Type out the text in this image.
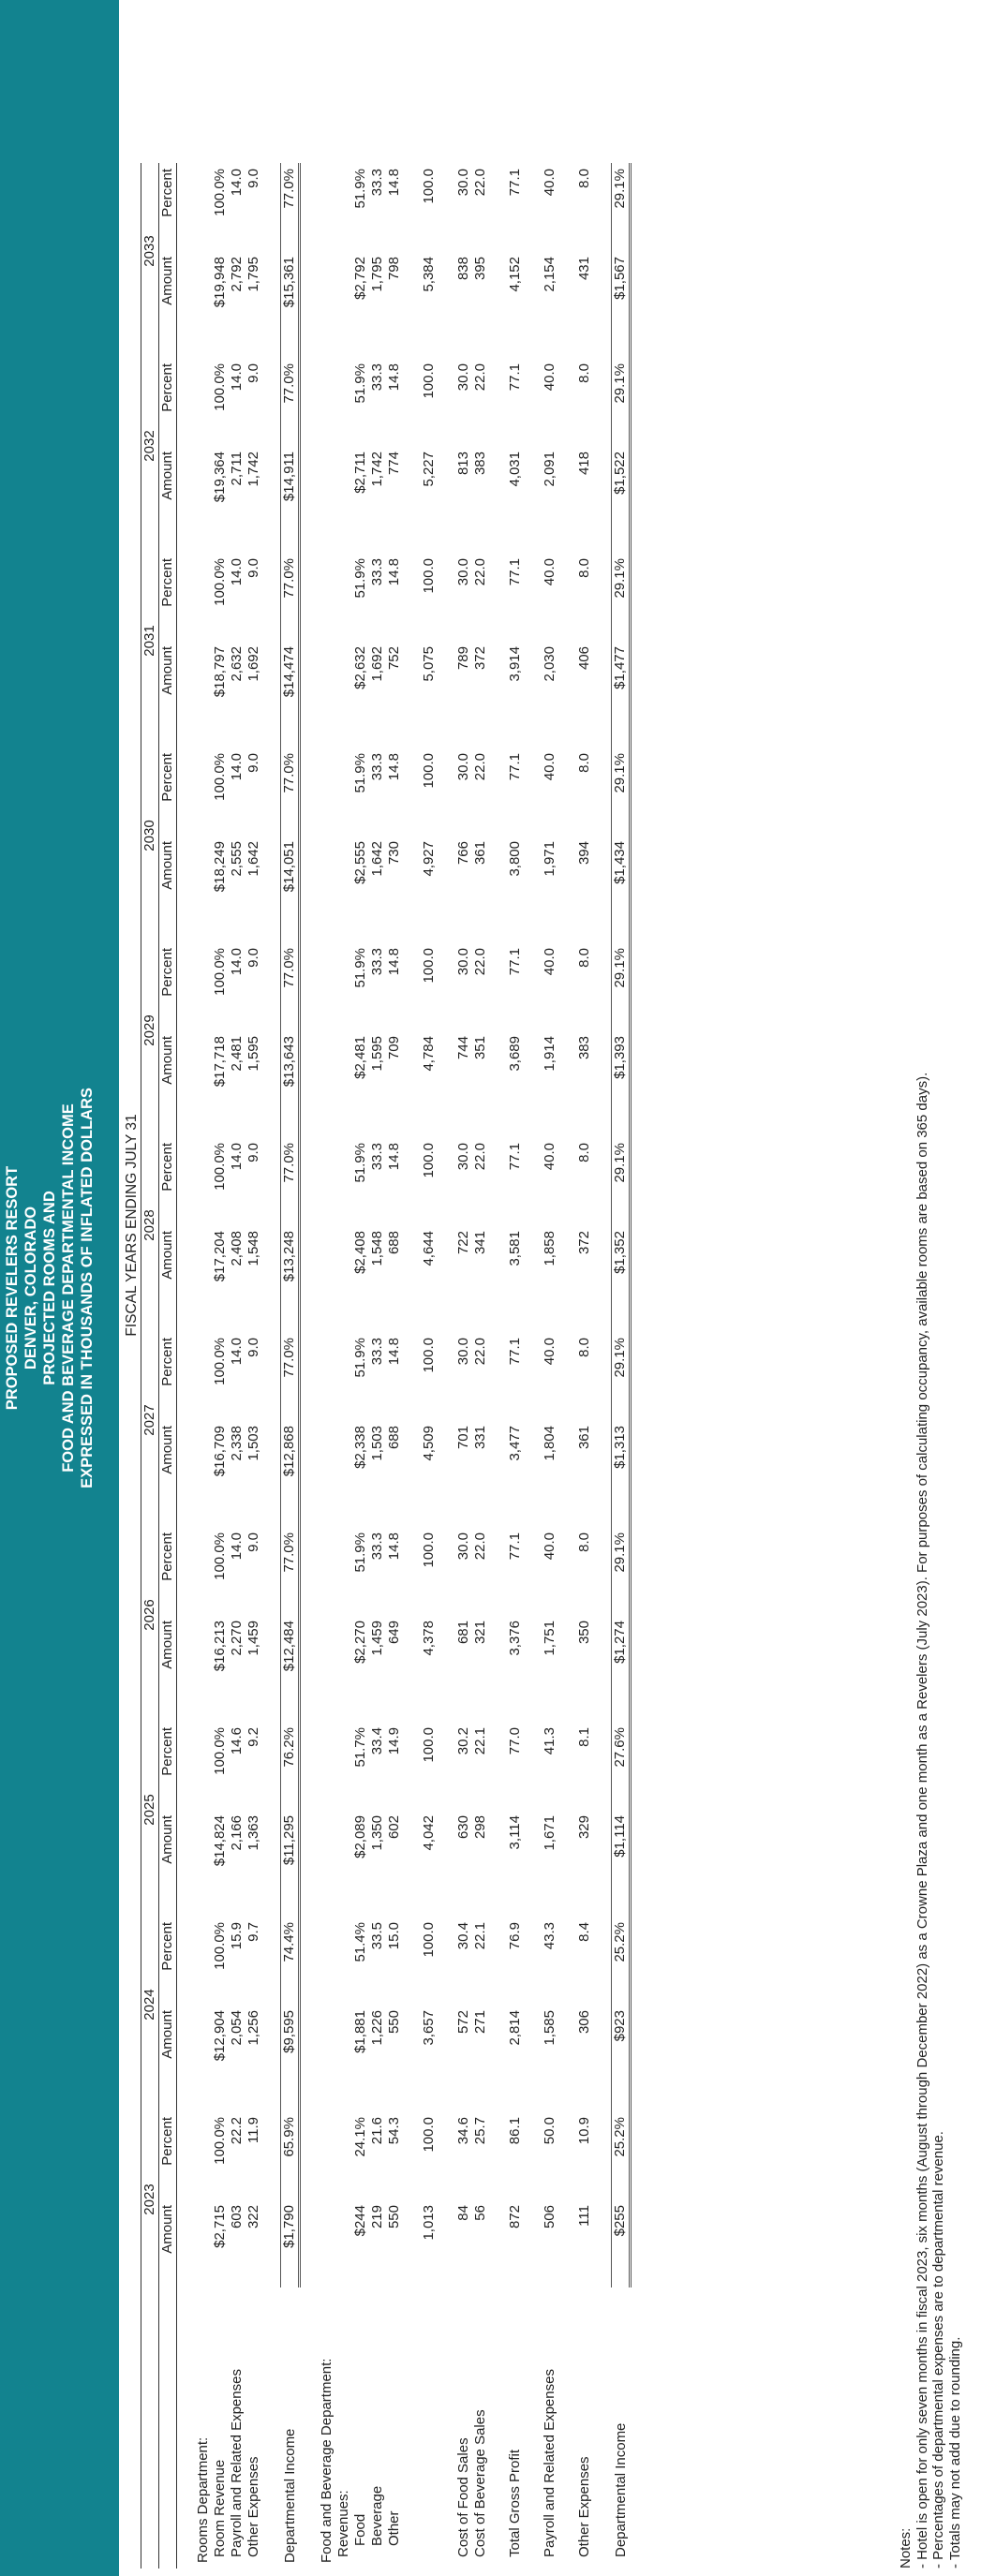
PROPOSED REVELERS RESORT DENVER, COLORADO PROJECTED ROOMS AND FOOD AND BEVERAGE DEPARTMENTAL INCOME EXPRESSED IN THOUSANDS OF INFLATED DOLLARS
		FISCAL YEARS ENDING JULY 31																															
		2023			2024			2025			2026			2027			2028			2029			2030			2031			2032			2033	
		Amount	Percent		Amount	Percent		Amount	Percent		Amount	Percent		Amount	Percent		Amount	Percent		Amount	Percent		Amount	Percent		Amount	Percent		Amount	Percent		Amount	Percent

Rooms Department:																																	
Room Revenue		$2,715	100.0%		$12,904	100.0%		$14,824	100.0%		$16,213	100.0%		$16,709	100.0%		$17,204	100.0%		$17,718	100.0%		$18,249	100.0%		$18,797	100.0%		$19,364	100.0%		$19,948	100.0%
Payroll and Related Expenses		603	22.2		2,054	15.9		2,166	14.6		2,270	14.0		2,338	14.0		2,408	14.0		2,481	14.0		2,555	14.0		2,632	14.0		2,711	14.0		2,792	14.0
Other Expenses		322	11.9		1,256	9.7		1,363	9.2		1,459	9.0		1,503	9.0		1,548	9.0		1,595	9.0		1,642	9.0		1,692	9.0		1,742	9.0		1,795	9.0

Departmental Income		$1,790	65.9%		$9,595	74.4%		$11,295	76.2%		$12,484	77.0%		$12,868	77.0%		$13,248	77.0%		$13,643	77.0%		$14,051	77.0%		$14,474	77.0%		$14,911	77.0%		$15,361	77.0%

Food and Beverage Department:																																	
Revenues:																																	
Food		$244	24.1%		$1,881	51.4%		$2,089	51.7%		$2,270	51.9%		$2,338	51.9%		$2,408	51.9%		$2,481	51.9%		$2,555	51.9%		$2,632	51.9%		$2,711	51.9%		$2,792	51.9%
Beverage		219	21.6		1,226	33.5		1,350	33.4		1,459	33.3		1,503	33.3		1,548	33.3		1,595	33.3		1,642	33.3		1,692	33.3		1,742	33.3		1,795	33.3
Other		550	54.3		550	15.0		602	14.9		649	14.8		688	14.8		688	14.8		709	14.8		730	14.8		752	14.8		774	14.8		798	14.8

		1,013	100.0		3,657	100.0		4,042	100.0		4,378	100.0		4,509	100.0		4,644	100.0		4,784	100.0		4,927	100.0		5,075	100.0		5,227	100.0		5,384	100.0

Cost of Food Sales		84	34.6		572	30.4		630	30.2		681	30.0		701	30.0		722	30.0		744	30.0		766	30.0		789	30.0		813	30.0		838	30.0
Cost of Beverage Sales		56	25.7		271	22.1		298	22.1		321	22.0		331	22.0		341	22.0		351	22.0		361	22.0		372	22.0		383	22.0		395	22.0

Total Gross Profit		872	86.1		2,814	76.9		3,114	77.0		3,376	77.1		3,477	77.1		3,581	77.1		3,689	77.1		3,800	77.1		3,914	77.1		4,031	77.1		4,152	77.1

Payroll and Related Expenses		506	50.0		1,585	43.3		1,671	41.3		1,751	40.0		1,804	40.0		1,858	40.0		1,914	40.0		1,971	40.0		2,030	40.0		2,091	40.0		2,154	40.0

Other Expenses		111	10.9		306	8.4		329	8.1		350	8.0		361	8.0		372	8.0		383	8.0		394	8.0		406	8.0		418	8.0		431	8.0

Departmental Income		$255	25.2%		$923	25.2%		$1,114	27.6%		$1,274	29.1%		$1,313	29.1%		$1,352	29.1%		$1,393	29.1%		$1,434	29.1%		$1,477	29.1%		$1,522	29.1%		$1,567	29.1%
Notes: - Hotel is open for only seven months in fiscal 2023, six months (August through December 2022) as a Crowne Plaza and one month as a Revelers (July 2023). For purposes of calculating occupancy, available rooms are based on 365 days). - Percentages of departmental expenses are to departmental revenue. - Totals may not add due to rounding.
